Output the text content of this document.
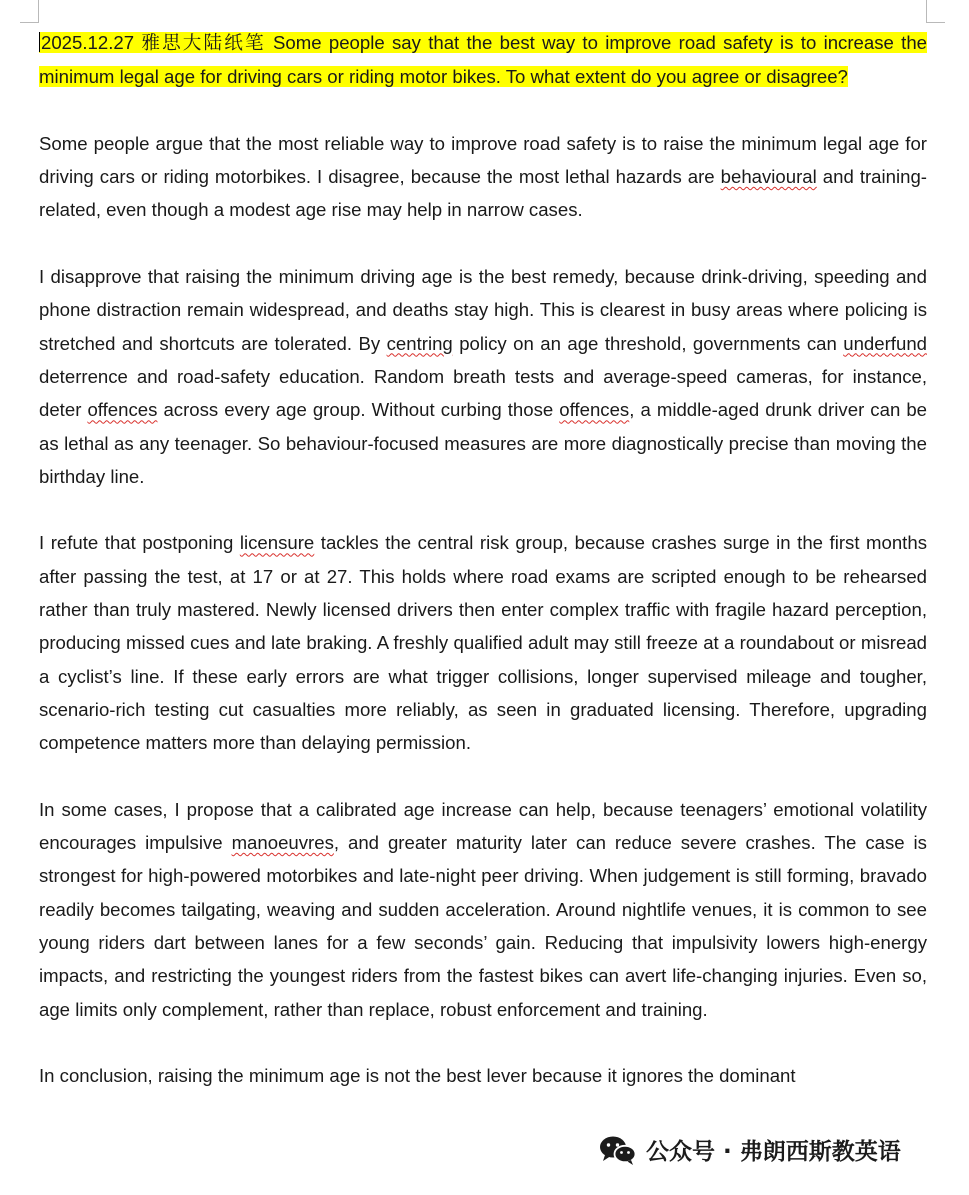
2025.12.27 雅思大陆纸笔 Some people say that the best way to improve road safety is to increase the minimum legal age for driving cars or riding motor bikes. To what extent do you agree or disagree?

Some people argue that the most reliable way to improve road safety is to raise the minimum legal age for driving cars or riding motorbikes. I disagree, because the most lethal hazards are behavioural and training-related, even though a modest age rise may help in narrow cases.

I disapprove that raising the minimum driving age is the best remedy, because drink-driving, speeding and phone distraction remain widespread, and deaths stay high. This is clearest in busy areas where policing is stretched and shortcuts are tolerated. By centring policy on an age threshold, governments can underfund deterrence and road-safety education. Random breath tests and average-speed cameras, for instance, deter offences across every age group. Without curbing those offences, a middle-aged drunk driver can be as lethal as any teenager. So behaviour-focused measures are more diagnostically precise than moving the birthday line.

I refute that postponing licensure tackles the central risk group, because crashes surge in the first months after passing the test, at 17 or at 27. This holds where road exams are scripted enough to be rehearsed rather than truly mastered. Newly licensed drivers then enter complex traffic with fragile hazard perception, producing missed cues and late braking. A freshly qualified adult may still freeze at a roundabout or misread a cyclist’s line. If these early errors are what trigger collisions, longer supervised mileage and tougher, scenario-rich testing cut casualties more reliably, as seen in graduated licensing. Therefore, upgrading competence matters more than delaying permission.

In some cases, I propose that a calibrated age increase can help, because teenagers’ emotional volatility encourages impulsive manoeuvres, and greater maturity later can reduce severe crashes. The case is strongest for high-powered motorbikes and late-night peer driving. When judgement is still forming, bravado readily becomes tailgating, weaving and sudden acceleration. Around nightlife venues, it is common to see young riders dart between lanes for a few seconds’ gain. Reducing that impulsivity lowers high-energy impacts, and restricting the youngest riders from the fastest bikes can avert life-changing injuries. Even so, age limits only complement, rather than replace, robust enforcement and training.

In conclusion, raising the minimum age is not the best lever because it ignores the dominant

公众号 · 弗朗西斯教英语
